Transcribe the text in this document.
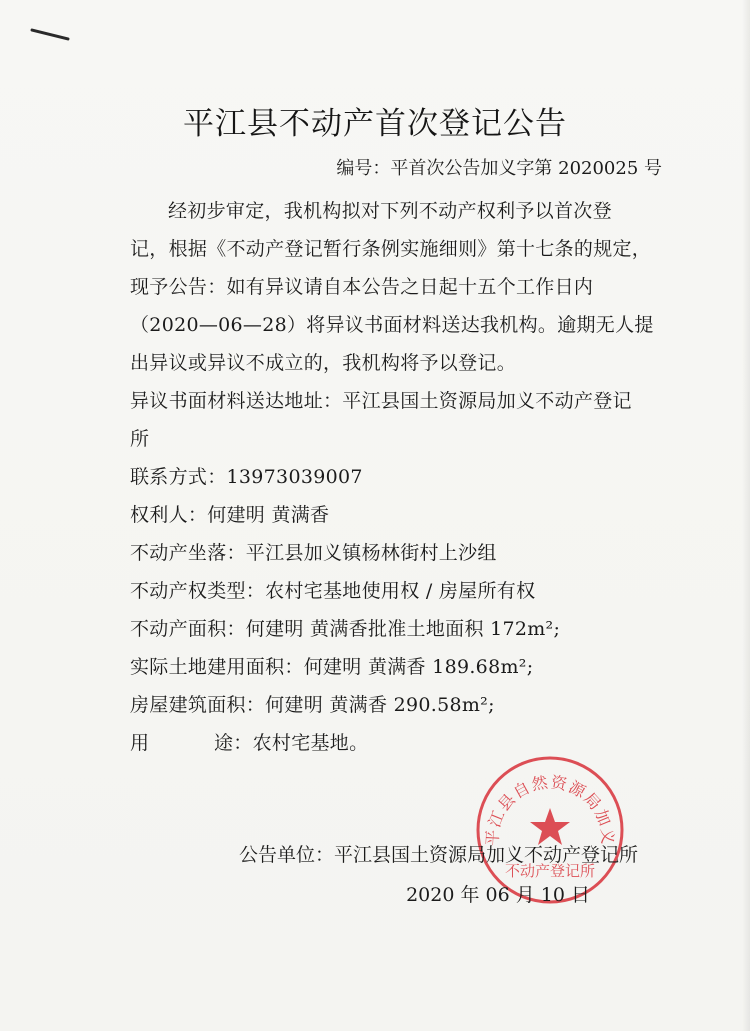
平江县不动产首次登记公告
编号：平首次公告加义字第 2020025 号
经初步审定，我机构拟对下列不动产权利予以首次登
记，根据《不动产登记暂行条例实施细则》第十七条的规定，
现予公告：如有异议请自本公告之日起十五个工作日内
（2020—06—28）将异议书面材料送达我机构。逾期无人提
出异议或异议不成立的，我机构将予以登记。
异议书面材料送达地址：平江县国土资源局加义不动产登记
所
联系方式：13973039007
权利人：何建明 黄满香
不动产坐落：平江县加义镇杨林街村上沙组
不动产权类型：农村宅基地使用权 / 房屋所有权
不动产面积：何建明 黄满香批准土地面积 172m²;
实际土地建用面积：何建明 黄满香 189.68m²;
房屋建筑面积：何建明 黄满香 290.58m²;
用	途：农村宅基地。
平江县自然资源局加义
不动产登记所
公告单位：平江县国土资源局加义不动产登记所
2020 年 06 月 10 日
